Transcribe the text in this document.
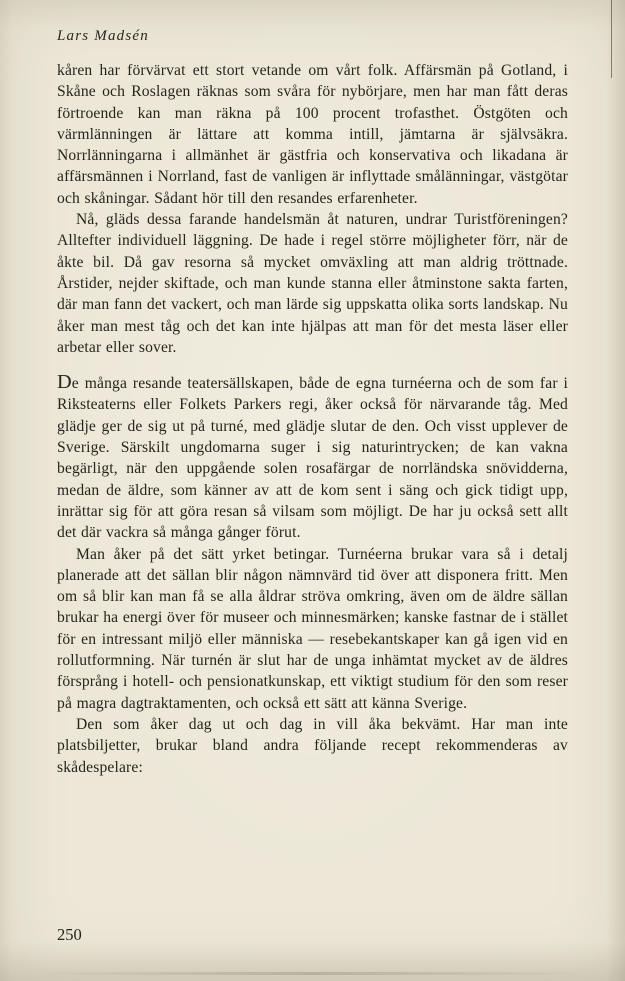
Lars Madsén

kåren har förvärvat ett stort vetande om vårt folk. Affärsmän på Gotland, i Skåne och Roslagen räknas som svåra för nybörjare, men har man fått deras förtroende kan man räkna på 100 procent trofasthet. Östgöten och värmlänningen är lättare att komma intill, jämtarna är självsäkra. Norrlänningarna i allmänhet är gästfria och konservativa och likadana är affärsmännen i Norrland, fast de vanligen är inflyttade smålänningar, västgötar och skåningar. Sådant hör till den resandes erfarenheter.

Nå, gläds dessa farande handelsmän åt naturen, undrar Turistföreningen? Alltefter individuell läggning. De hade i regel större möjligheter förr, när de åkte bil. Då gav resorna så mycket omväxling att man aldrig tröttnade. Årstider, nejder skiftade, och man kunde stanna eller åtminstone sakta farten, där man fann det vackert, och man lärde sig uppskatta olika sorts landskap. Nu åker man mest tåg och det kan inte hjälpas att man för det mesta läser eller arbetar eller sover.

De många resande teatersällskapen, både de egna turnéerna och de som far i Riksteaterns eller Folkets Parkers regi, åker också för närvarande tåg. Med glädje ger de sig ut på turné, med glädje slutar de den. Och visst upplever de Sverige. Särskilt ungdomarna suger i sig naturintrycken; de kan vakna begärligt, när den uppgående solen rosafärgar de norrländska snövidderna, medan de äldre, som känner av att de kom sent i säng och gick tidigt upp, inrättar sig för att göra resan så vilsam som möjligt. De har ju också sett allt det där vackra så många gånger förut.

Man åker på det sätt yrket betingar. Turnéerna brukar vara så i detalj planerade att det sällan blir någon nämnvärd tid över att disponera fritt. Men om så blir kan man få se alla åldrar ströva omkring, även om de äldre sällan brukar ha energi över för museer och minnesmärken; kanske fastnar de i stället för en intressant miljö eller människa — resebekantskaper kan gå igen vid en rollutformning. När turnén är slut har de unga inhämtat mycket av de äldres försprång i hotell- och pensionatkunskap, ett viktigt studium för den som reser på magra dagtraktamenten, och också ett sätt att känna Sverige.

Den som åker dag ut och dag in vill åka bekvämt. Har man inte platsbiljetter, brukar bland andra följande recept rekommenderas av skådespelare:

250
